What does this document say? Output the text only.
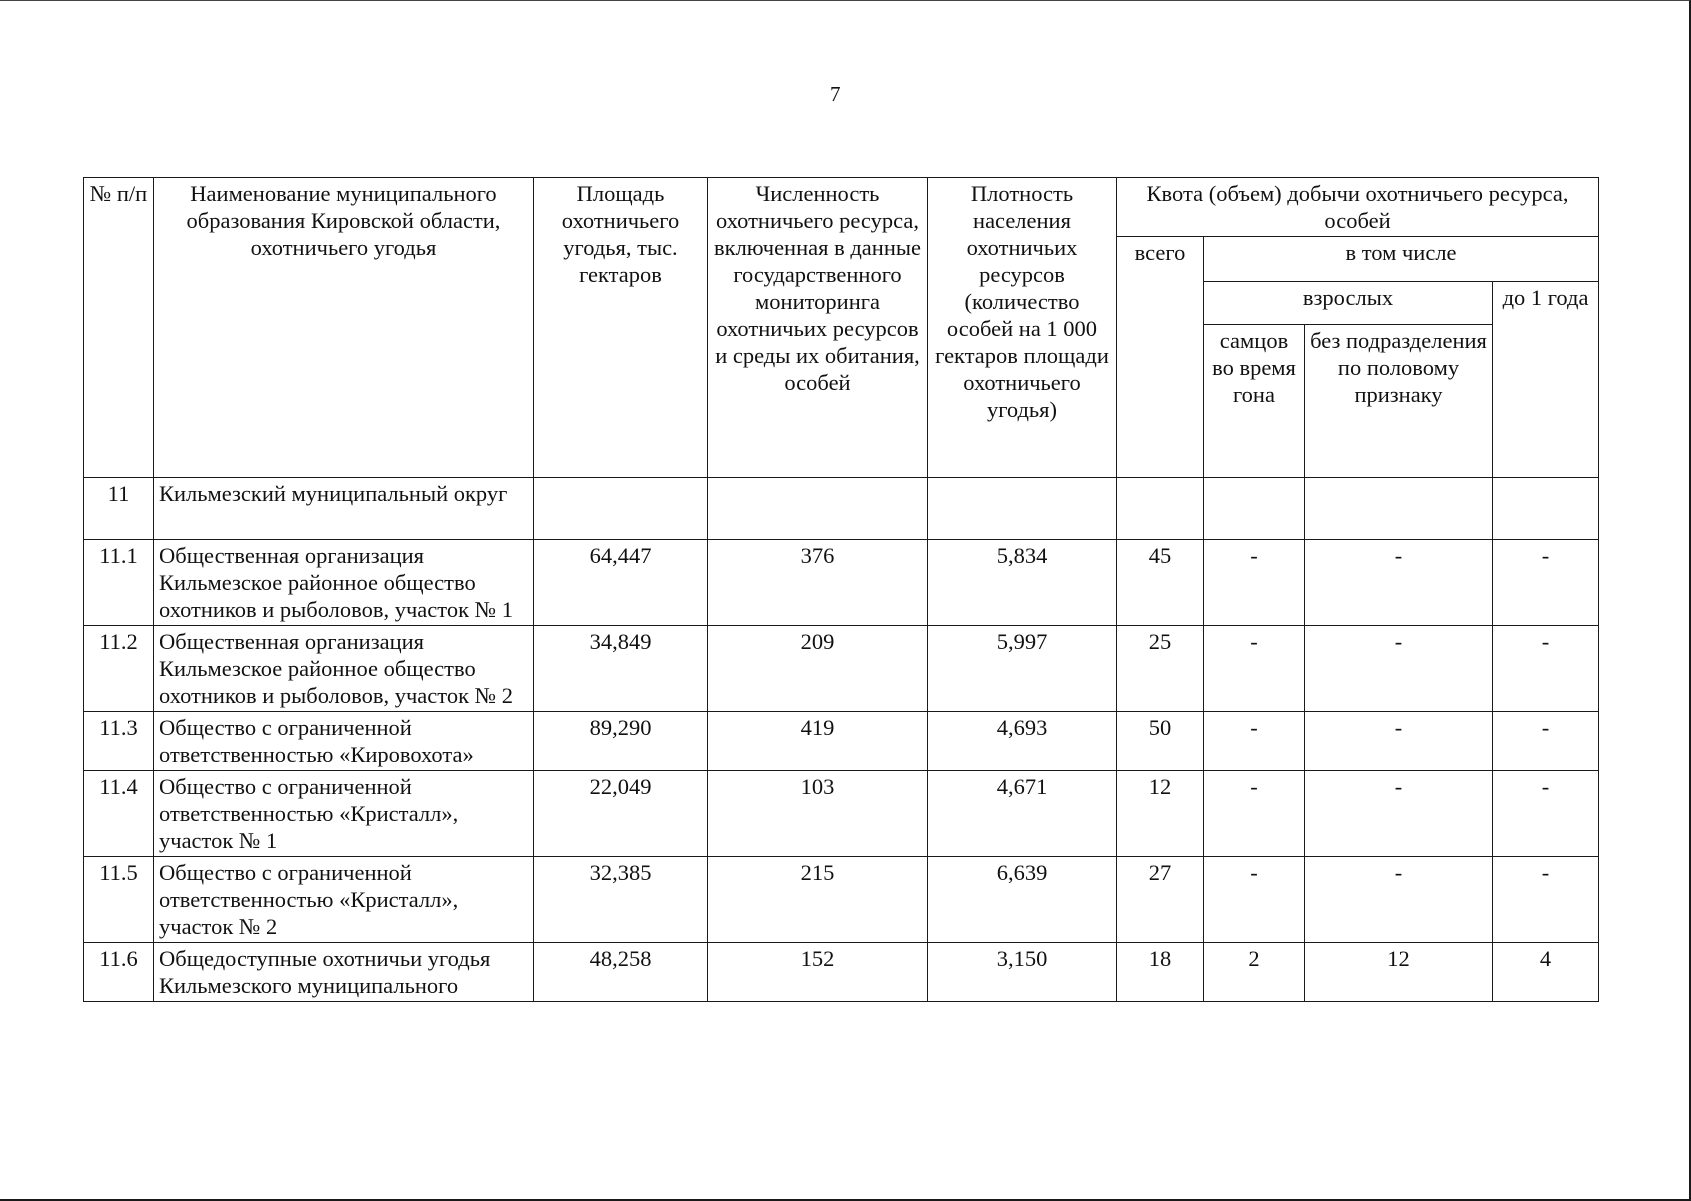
7
№ п/п	Наименование муниципального образования Кировской области, охотничьего угодья	Площадь охотничьего угодья, тыс. гектаров	Численность охотничьего ресурса, включенная в данные государственного мониторинга охотничьих ресурсов и среды их обитания, особей	Плотность населения охотничьих ресурсов (количество особей на 1 000 гектаров площади охотничьего угодья)	Квота (объем) добычи охотничьего ресурса, особей			
					всего	в том числе		
						взрослых		до 1 года
						самцов во время гона	без подразделения по половому признаку	
11	Кильмезский муниципальный округ							
11.1	Общественная организация Кильмезское районное общество охотников и рыболовов, участок № 1	64,447	376	5,834	45	-	-	-
11.2	Общественная организация Кильмезское районное общество охотников и рыболовов, участок № 2	34,849	209	5,997	25	-	-	-
11.3	Общество с ограниченной ответственностью «Кировохота»	89,290	419	4,693	50	-	-	-
11.4	Общество с ограниченной ответственностью «Кристалл», участок № 1	22,049	103	4,671	12	-	-	-
11.5	Общество с ограниченной ответственностью «Кристалл», участок № 2	32,385	215	6,639	27	-	-	-
11.6	Общедоступные охотничьи угодья Кильмезского муниципального	48,258	152	3,150	18	2	12	4
